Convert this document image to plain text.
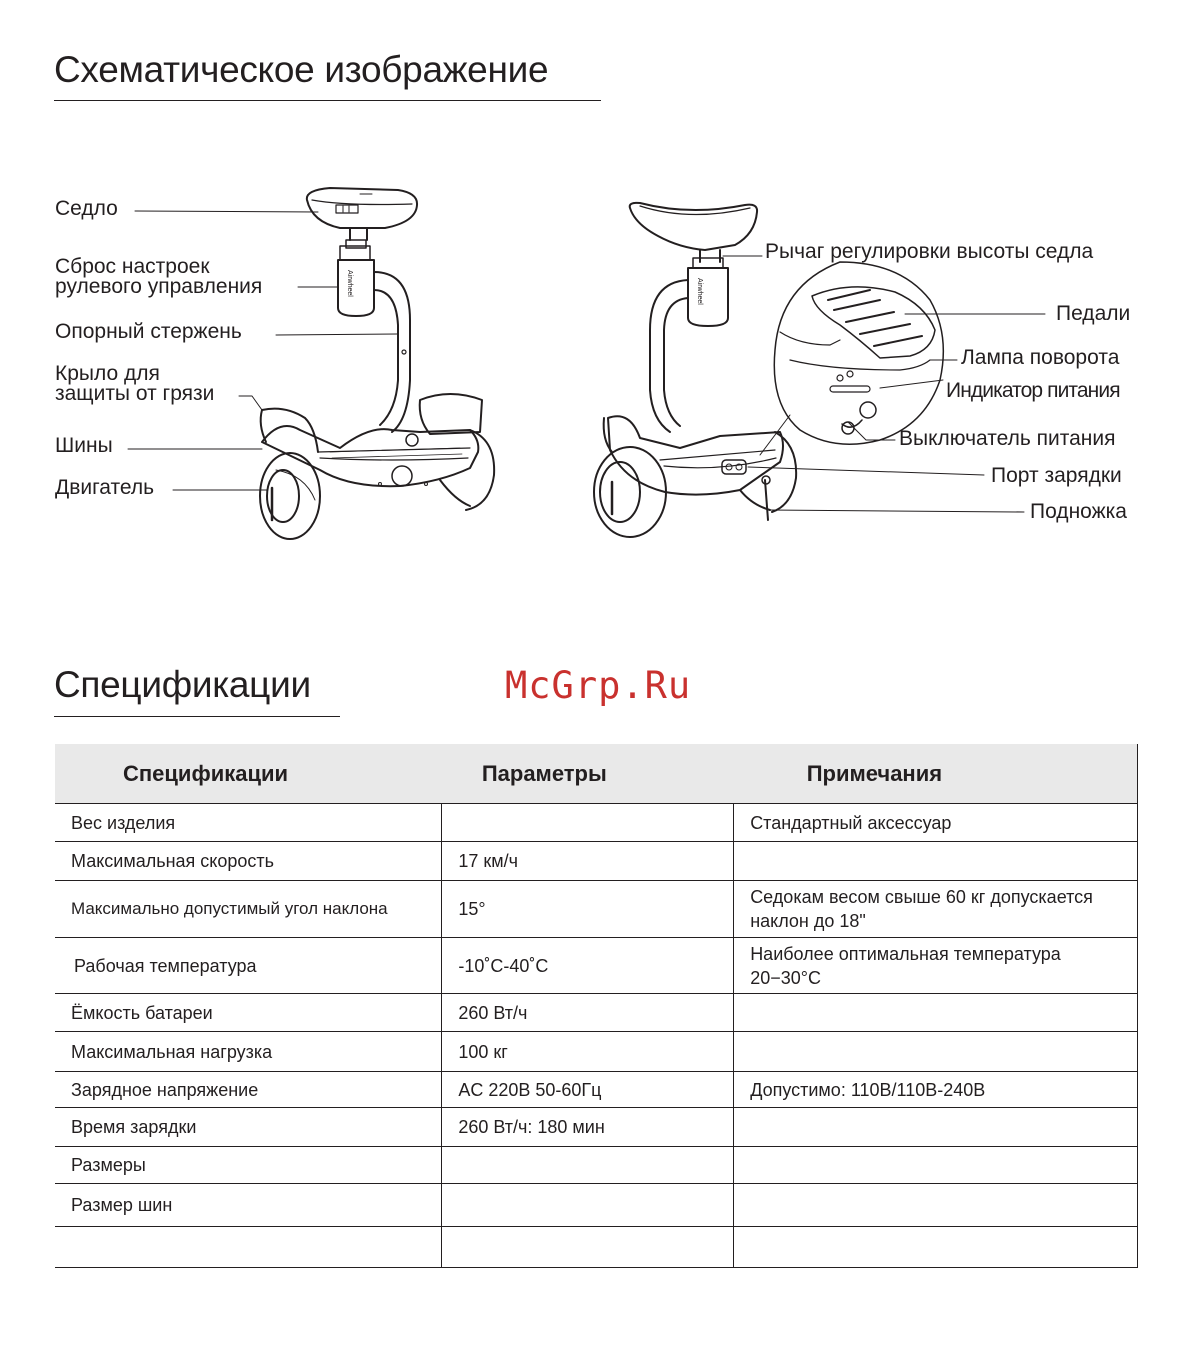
Схематическое изображение
Седло
Сброс настроек
рулевого управления
Опорный стержень
Крыло для
защиты от грязи
Шины
Двигатель
Рычаг регулировки высоты седла
Педали
Лампа поворота
Индикатор питания
Выключатель питания
Порт зарядки
Подножка
Airwheel	Airwheel
Спецификации	McGrp.Ru
Спецификации	Параметры	Примечания
Вес изделия		Стандартный аксессуар
Максимальная скорость	17 км/ч	
Максимально допустимый угол наклона	15°	Седокам весом свыше 60 кг допускается наклон до 18"
Рабочая температура	-10˚C-40˚C	Наиболее оптимальная температура 20−30°C
Ёмкость батареи	260 Вт/ч	
Максимальная нагрузка	100 кг	
Зарядное напряжение	AC 220В 50-60Гц	Допустимо: 110В/110В-240В
Время зарядки	260 Вт/ч: 180 мин	
Размеры		
Размер шин		
